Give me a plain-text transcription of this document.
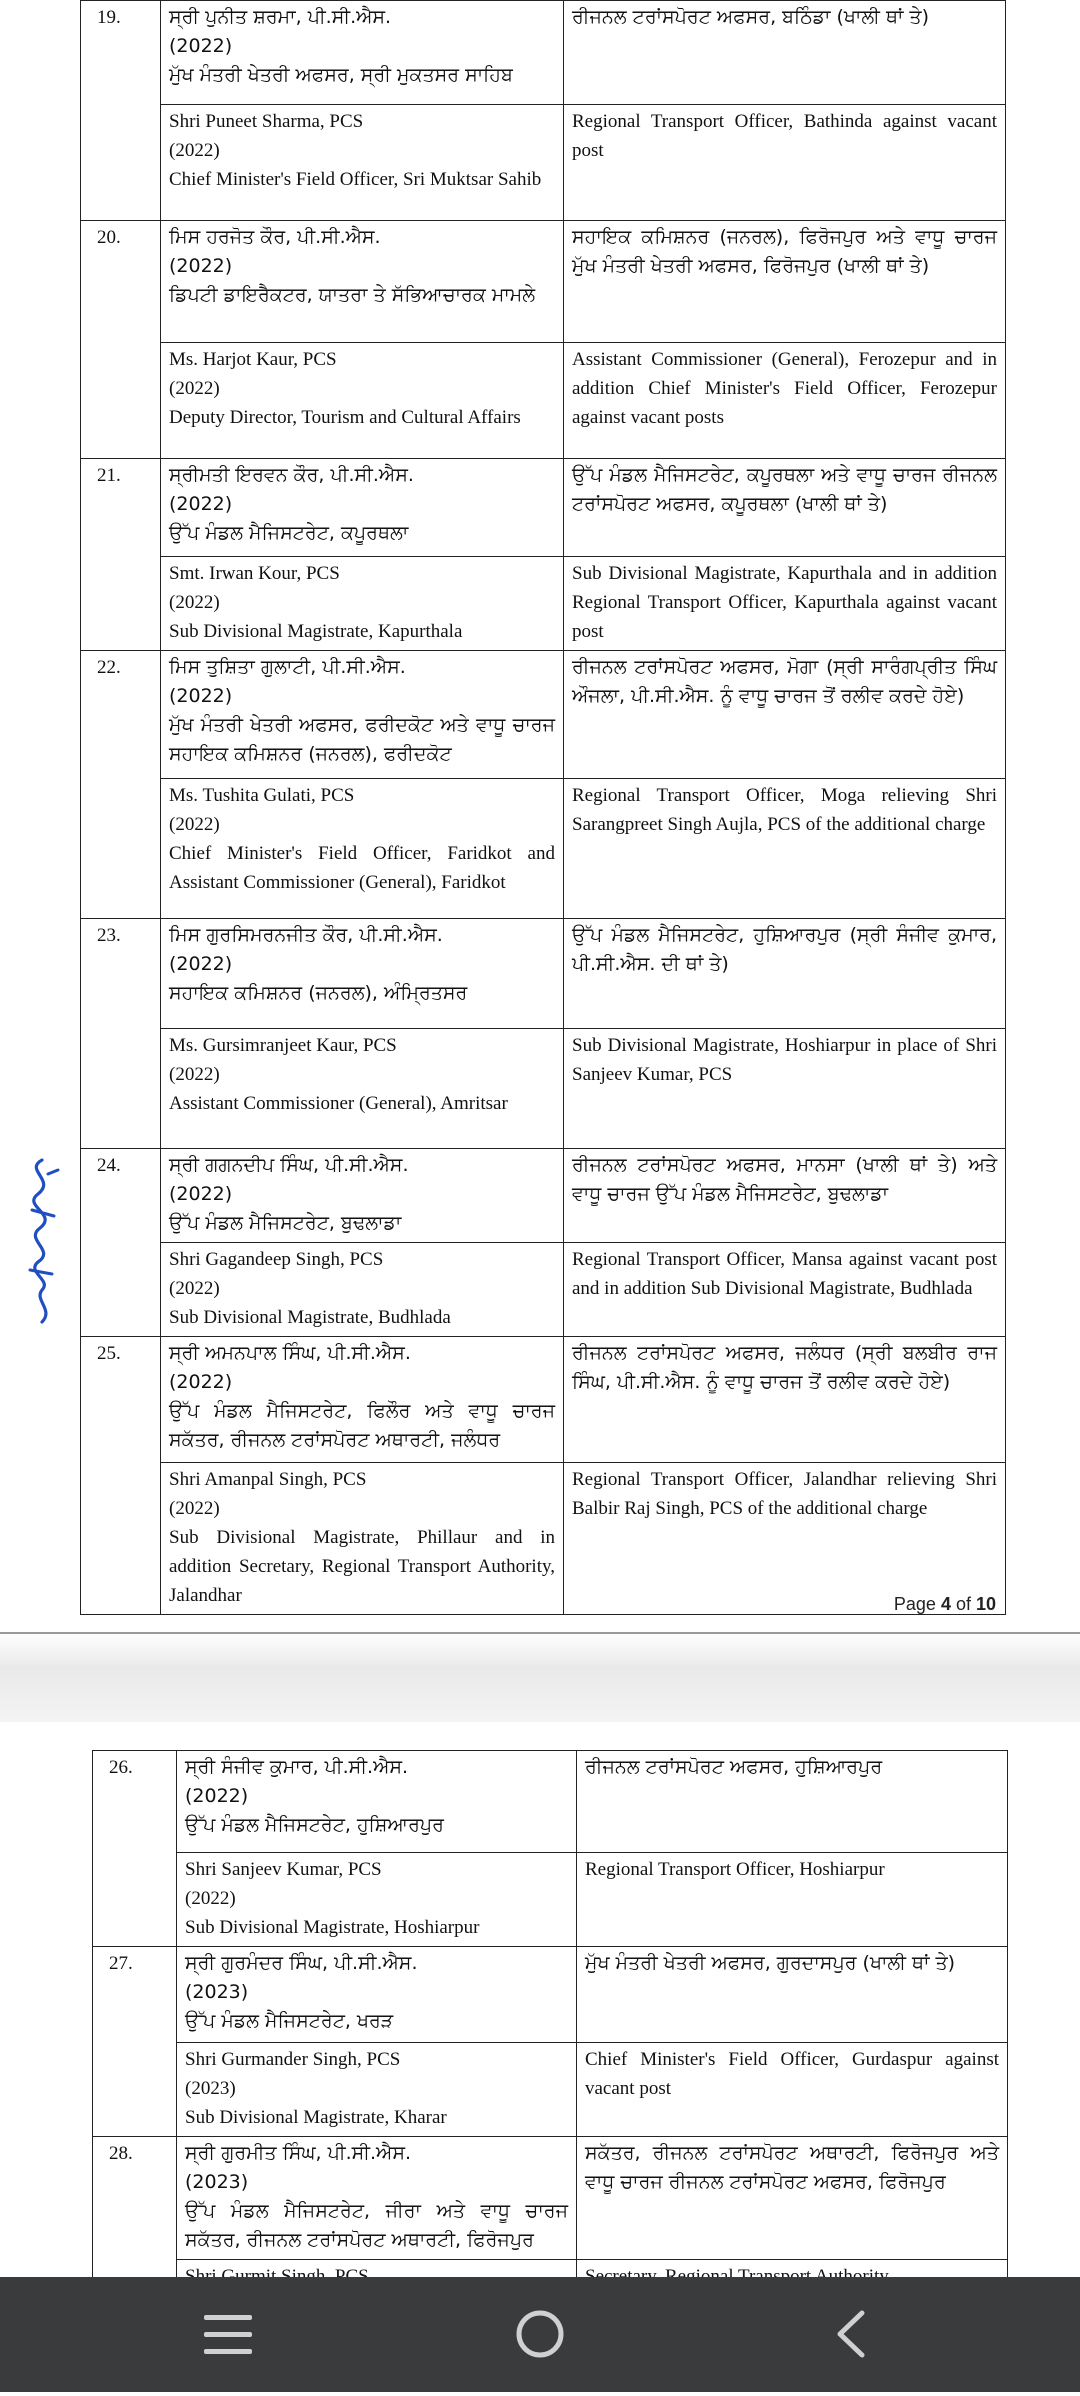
19.	ਸ੍ਰੀ ਪੁਨੀਤ ਸ਼ਰਮਾ, ਪੀ.ਸੀ.ਐਸ.
(2022)
ਮੁੱਖ ਮੰਤਰੀ ਖੇਤਰੀ ਅਫਸਰ, ਸ੍ਰੀ ਮੁਕਤਸਰ ਸਾਹਿਬ	ਰੀਜਨਲ ਟਰਾਂਸਪੋਰਟ ਅਫਸਰ, ਬਠਿੰਡਾ (ਖਾਲੀ ਥਾਂ ਤੇ)

	Shri Puneet Sharma, PCS
(2022)
Chief Minister's Field Officer, Sri Muktsar Sahib	Regional Transport Officer, Bathinda against vacant post
20.	ਮਿਸ ਹਰਜੋਤ ਕੌਰ, ਪੀ.ਸੀ.ਐਸ.
(2022)
ਡਿਪਟੀ ਡਾਇਰੈਕਟਰ, ਯਾਤਰਾ ਤੇ ਸੱਭਿਆਚਾਰਕ ਮਾਮਲੇ	ਸਹਾਇਕ ਕਮਿਸ਼ਨਰ (ਜਨਰਲ), ਫਿਰੋਜਪੁਰ ਅਤੇ ਵਾਧੂ ਚਾਰਜ ਮੁੱਖ ਮੰਤਰੀ ਖੇਤਰੀ ਅਫਸਰ, ਫਿਰੋਜਪੁਰ (ਖਾਲੀ ਥਾਂ ਤੇ)

	Ms. Harjot Kaur, PCS
(2022)
Deputy Director, Tourism and Cultural Affairs	Assistant Commissioner (General), Ferozepur and in addition Chief Minister's Field Officer, Ferozepur against vacant posts
21.	ਸ੍ਰੀਮਤੀ ਇਰਵਨ ਕੌਰ, ਪੀ.ਸੀ.ਐਸ.
(2022)
ਉੱਪ ਮੰਡਲ ਮੈਜਿਸਟਰੇਟ, ਕਪੂਰਥਲਾ	ਉੱਪ ਮੰਡਲ ਮੈਜਿਸਟਰੇਟ, ਕਪੂਰਥਲਾ ਅਤੇ ਵਾਧੂ ਚਾਰਜ ਰੀਜਨਲ ਟਰਾਂਸਪੋਰਟ ਅਫਸਰ, ਕਪੂਰਥਲਾ (ਖਾਲੀ ਥਾਂ ਤੇ)

	Smt. Irwan Kour, PCS
(2022)
Sub Divisional Magistrate, Kapurthala	Sub Divisional Magistrate, Kapurthala and in addition Regional Transport Officer, Kapurthala against vacant post
22.	ਮਿਸ ਤੁਸ਼ਿਤਾ ਗੁਲਾਟੀ, ਪੀ.ਸੀ.ਐਸ.
(2022)
ਮੁੱਖ ਮੰਤਰੀ ਖੇਤਰੀ ਅਫਸਰ, ਫਰੀਦਕੋਟ ਅਤੇ ਵਾਧੂ ਚਾਰਜ ਸਹਾਇਕ ਕਮਿਸ਼ਨਰ (ਜਨਰਲ), ਫਰੀਦਕੋਟ	ਰੀਜਨਲ ਟਰਾਂਸਪੋਰਟ ਅਫਸਰ, ਮੋਗਾ (ਸ੍ਰੀ ਸਾਰੰਗਪ੍ਰੀਤ ਸਿੰਘ ਔਜਲਾ, ਪੀ.ਸੀ.ਐਸ. ਨੂੰ ਵਾਧੂ ਚਾਰਜ ਤੋਂ ਰਲੀਵ ਕਰਦੇ ਹੋਏ)

	Ms. Tushita Gulati, PCS
(2022)
Chief Minister's Field Officer, Faridkot and Assistant Commissioner (General), Faridkot	Regional Transport Officer, Moga relieving Shri Sarangpreet Singh Aujla, PCS of the additional charge
23.	ਮਿਸ ਗੁਰਸਿਮਰਨਜੀਤ ਕੌਰ, ਪੀ.ਸੀ.ਐਸ.
(2022)
ਸਹਾਇਕ ਕਮਿਸ਼ਨਰ (ਜਨਰਲ), ਅੰਮ੍ਰਿਤਸਰ	ਉੱਪ ਮੰਡਲ ਮੈਜਿਸਟਰੇਟ, ਹੁਸ਼ਿਆਰਪੁਰ (ਸ੍ਰੀ ਸੰਜੀਵ ਕੁਮਾਰ, ਪੀ.ਸੀ.ਐਸ. ਦੀ ਥਾਂ ਤੇ)

	Ms. Gursimranjeet Kaur, PCS
(2022)
Assistant Commissioner (General), Amritsar	Sub Divisional Magistrate, Hoshiarpur in place of Shri Sanjeev Kumar, PCS
24.	ਸ੍ਰੀ ਗਗਨਦੀਪ ਸਿੰਘ, ਪੀ.ਸੀ.ਐਸ.
(2022)
ਉੱਪ ਮੰਡਲ ਮੈਜਿਸਟਰੇਟ, ਬੁਢਲਾਡਾ	ਰੀਜਨਲ ਟਰਾਂਸਪੋਰਟ ਅਫਸਰ, ਮਾਨਸਾ (ਖਾਲੀ ਥਾਂ ਤੇ) ਅਤੇ ਵਾਧੂ ਚਾਰਜ ਉੱਪ ਮੰਡਲ ਮੈਜਿਸਟਰੇਟ, ਬੁਢਲਾਡਾ

	Shri Gagandeep Singh, PCS
(2022)
Sub Divisional Magistrate, Budhlada	Regional Transport Officer, Mansa against vacant post and in addition Sub Divisional Magistrate, Budhlada
25.	ਸ੍ਰੀ ਅਮਨਪਾਲ ਸਿੰਘ, ਪੀ.ਸੀ.ਐਸ.
(2022)
ਉੱਪ ਮੰਡਲ ਮੈਜਿਸਟਰੇਟ, ਫਿਲੌਰ ਅਤੇ ਵਾਧੂ ਚਾਰਜ ਸਕੱਤਰ, ਰੀਜਨਲ ਟਰਾਂਸਪੋਰਟ ਅਥਾਰਟੀ, ਜਲੰਧਰ	ਰੀਜਨਲ ਟਰਾਂਸਪੋਰਟ ਅਫਸਰ, ਜਲੰਧਰ (ਸ੍ਰੀ ਬਲਬੀਰ ਰਾਜ ਸਿੰਘ, ਪੀ.ਸੀ.ਐਸ. ਨੂੰ ਵਾਧੂ ਚਾਰਜ ਤੋਂ ਰਲੀਵ ਕਰਦੇ ਹੋਏ)

	Shri Amanpal Singh, PCS
(2022)
Sub Divisional Magistrate, Phillaur and in addition Secretary, Regional Transport Authority, Jalandhar	Regional Transport Officer, Jalandhar relieving Shri Balbir Raj Singh, PCS of the additional charge
Page 4 of 10
26.	ਸ੍ਰੀ ਸੰਜੀਵ ਕੁਮਾਰ, ਪੀ.ਸੀ.ਐਸ.
(2022)
ਉੱਪ ਮੰਡਲ ਮੈਜਿਸਟਰੇਟ, ਹੁਸ਼ਿਆਰਪੁਰ	ਰੀਜਨਲ ਟਰਾਂਸਪੋਰਟ ਅਫਸਰ, ਹੁਸ਼ਿਆਰਪੁਰ

	Shri Sanjeev Kumar, PCS
(2022)
Sub Divisional Magistrate, Hoshiarpur	Regional Transport Officer, Hoshiarpur
27.	ਸ੍ਰੀ ਗੁਰਮੰਦਰ ਸਿੰਘ, ਪੀ.ਸੀ.ਐਸ.
(2023)
ਉੱਪ ਮੰਡਲ ਮੈਜਿਸਟਰੇਟ, ਖਰੜ	ਮੁੱਖ ਮੰਤਰੀ ਖੇਤਰੀ ਅਫਸਰ, ਗੁਰਦਾਸਪੁਰ (ਖਾਲੀ ਥਾਂ ਤੇ)

	Shri Gurmander Singh, PCS
(2023)
Sub Divisional Magistrate, Kharar	Chief Minister's Field Officer, Gurdaspur against vacant post
28.	ਸ੍ਰੀ ਗੁਰਮੀਤ ਸਿੰਘ, ਪੀ.ਸੀ.ਐਸ.
(2023)
ਉੱਪ ਮੰਡਲ ਮੈਜਿਸਟਰੇਟ, ਜੀਰਾ ਅਤੇ ਵਾਧੂ ਚਾਰਜ ਸਕੱਤਰ, ਰੀਜਨਲ ਟਰਾਂਸਪੋਰਟ ਅਥਾਰਟੀ, ਫਿਰੋਜਪੁਰ	ਸਕੱਤਰ, ਰੀਜਨਲ ਟਰਾਂਸਪੋਰਟ ਅਥਾਰਟੀ, ਫਿਰੋਜਪੁਰ ਅਤੇ ਵਾਧੂ ਚਾਰਜ ਰੀਜਨਲ ਟਰਾਂਸਪੋਰਟ ਅਫਸਰ, ਫਿਰੋਜਪੁਰ
